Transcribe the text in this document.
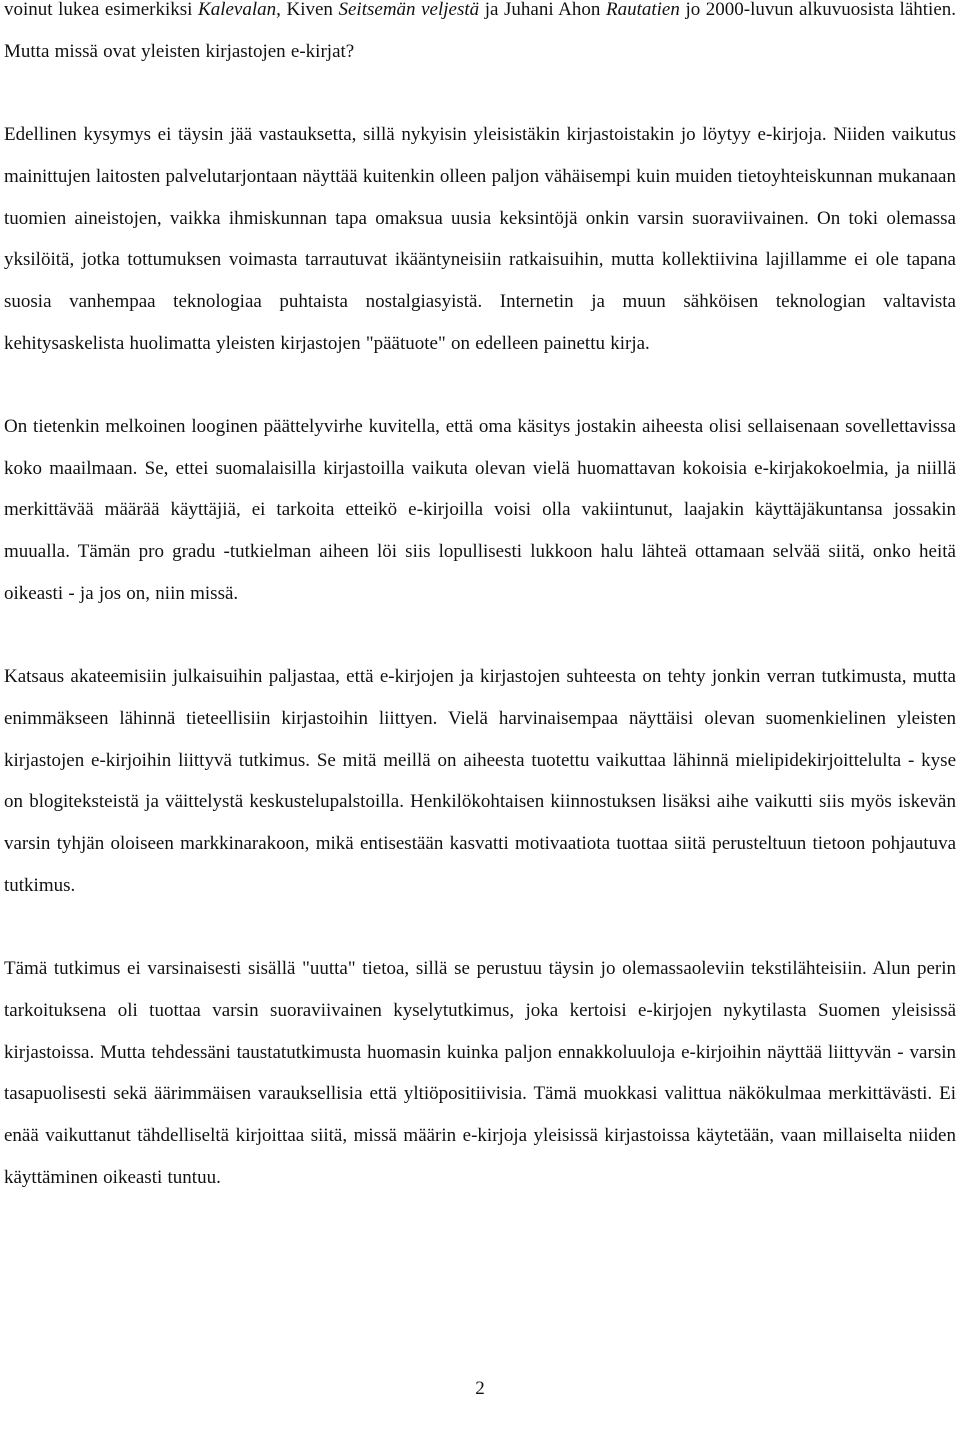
voinut lukea esimerkiksi Kalevalan, Kiven Seitsemän veljestä ja Juhani Ahon Rautatien jo 2000-luvun alkuvuosista lähtien. Mutta missä ovat yleisten kirjastojen e-kirjat?

Edellinen kysymys ei täysin jää vastauksetta, sillä nykyisin yleisistäkin kirjastoistakin jo löytyy e-kirjoja. Niiden vaikutus mainittujen laitosten palvelutarjontaan näyttää kuitenkin olleen paljon vähäisempi kuin muiden tietoyhteiskunnan mukanaan tuomien aineistojen, vaikka ihmiskunnan tapa omaksua uusia keksintöjä onkin varsin suoraviivainen. On toki olemassa yksilöitä, jotka tottumuksen voimasta tarrautuvat ikääntyneisiin ratkaisuihin, mutta kollektiivina lajillamme ei ole tapana suosia vanhempaa teknologiaa puhtaista nostalgiasyistä. Internetin ja muun sähköisen teknologian valtavista kehitysaskelista huolimatta yleisten kirjastojen "päätuote" on edelleen painettu kirja.

On tietenkin melkoinen looginen päättelyvirhe kuvitella, että oma käsitys jostakin aiheesta olisi sellaisenaan sovellettavissa koko maailmaan. Se, ettei suomalaisilla kirjastoilla vaikuta olevan vielä huomattavan kokoisia e-kirjakokoelmia, ja niillä merkittävää määrää käyttäjiä, ei tarkoita etteikö e-kirjoilla voisi olla vakiintunut, laajakin käyttäjäkuntansa jossakin muualla. Tämän pro gradu -tutkielman aiheen löi siis lopullisesti lukkoon halu lähteä ottamaan selvää siitä, onko heitä oikeasti - ja jos on, niin missä.

Katsaus akateemisiin julkaisuihin paljastaa, että e-kirjojen ja kirjastojen suhteesta on tehty jonkin verran tutkimusta, mutta enimmäkseen lähinnä tieteellisiin kirjastoihin liittyen. Vielä harvinaisempaa näyttäisi olevan suomenkielinen yleisten kirjastojen e-kirjoihin liittyvä tutkimus. Se mitä meillä on aiheesta tuotettu vaikuttaa lähinnä mielipidekirjoittelulta - kyse on blogiteksteistä ja väittelystä keskustelupalstoilla. Henkilökohtaisen kiinnostuksen lisäksi aihe vaikutti siis myös iskevän varsin tyhjän oloiseen markkinarakoon, mikä entisestään kasvatti motivaatiota tuottaa siitä perusteltuun tietoon pohjautuva tutkimus.

Tämä tutkimus ei varsinaisesti sisällä "uutta" tietoa, sillä se perustuu täysin jo olemassaoleviin tekstilähteisiin. Alun perin tarkoituksena oli tuottaa varsin suoraviivainen kyselytutkimus, joka kertoisi e-kirjojen nykytilasta Suomen yleisissä kirjastoissa. Mutta tehdessäni taustatutkimusta huomasin kuinka paljon ennakkoluuloja e-kirjoihin näyttää liittyvän - varsin tasapuolisesti sekä äärimmäisen varauksellisia että yltiöpositiivisia. Tämä muokkasi valittua näkökulmaa merkittävästi. Ei enää vaikuttanut tähdelliseltä kirjoittaa siitä, missä määrin e-kirjoja yleisissä kirjastoissa käytetään, vaan millaiselta niiden käyttäminen oikeasti tuntuu.

2
